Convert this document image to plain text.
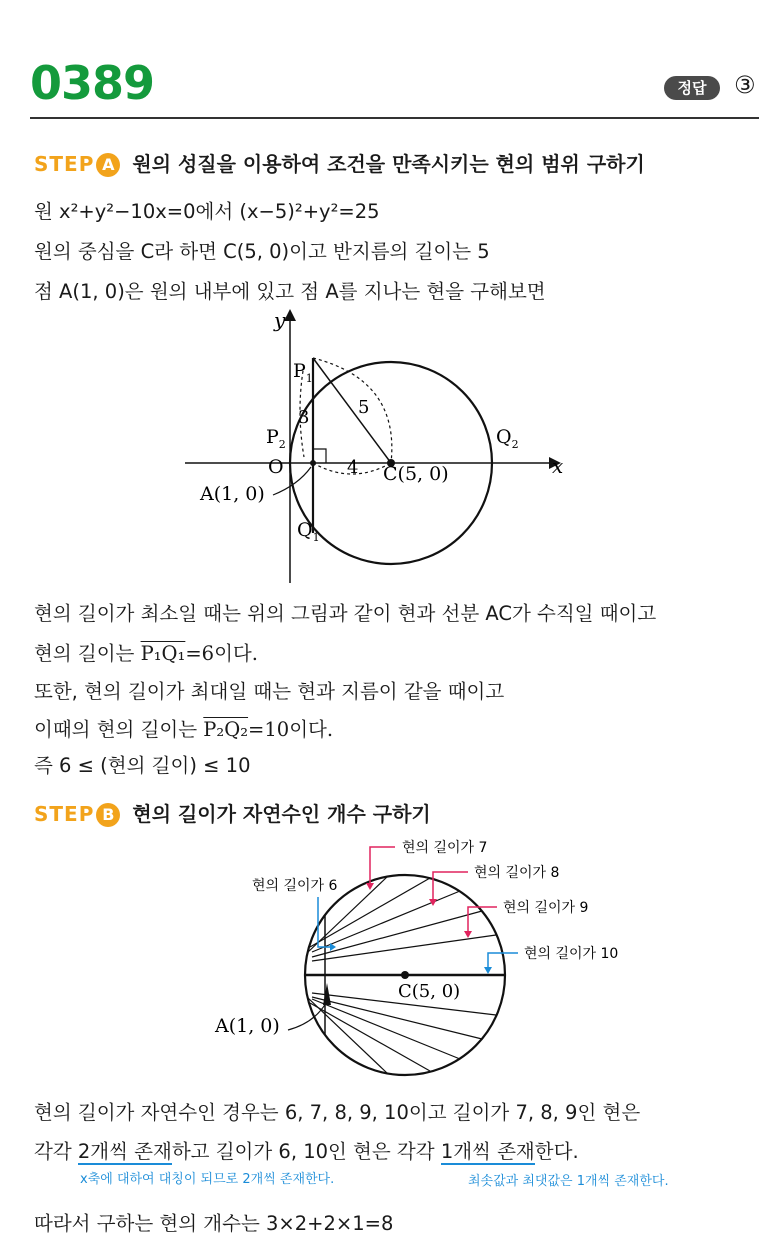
0389	정답	③
STEP A 원의 성질을 이용하여 조건을 만족시키는 현의 범위 구하기
원 x²+y²−10x=0에서 (x−5)²+y²=25
원의 중심을 C라 하면 C(5, 0)이고 반지름의 길이는 5
점 A(1, 0)은 원의 내부에 있고 점 A를 지나는 현을 구해보면
y
x
O
$P_1$
$P_2$
$Q_1$
$Q_2$
3	5
4 C(5, 0)
A(1, 0)
현의 길이가 최소일 때는 위의 그림과 같이 현과 선분 AC가 수직일 때이고
현의 길이는 P₁Q₁=6이다.
또한, 현의 길이가 최대일 때는 현과 지름이 같을 때이고
이때의 현의 길이는 P₂Q₂=10이다.
즉 6 ≤ (현의 길이) ≤ 10
STEP B 현의 길이가 자연수인 개수 구하기
현의 길이가 6
현의 길이가 7
현의 길이가 8
현의 길이가 9
현의 길이가 10
C(5, 0)
A(1, 0)
현의 길이가 자연수인 경우는 6, 7, 8, 9, 10이고 길이가 7, 8, 9인 현은
각각 2개씩 존재하고 길이가 6, 10인 현은 각각 1개씩 존재한다.
x축에 대하여 대칭이 되므로 2개씩 존재한다.	최솟값과 최댓값은 1개씩 존재한다.
따라서 구하는 현의 개수는 3×2+2×1=8
